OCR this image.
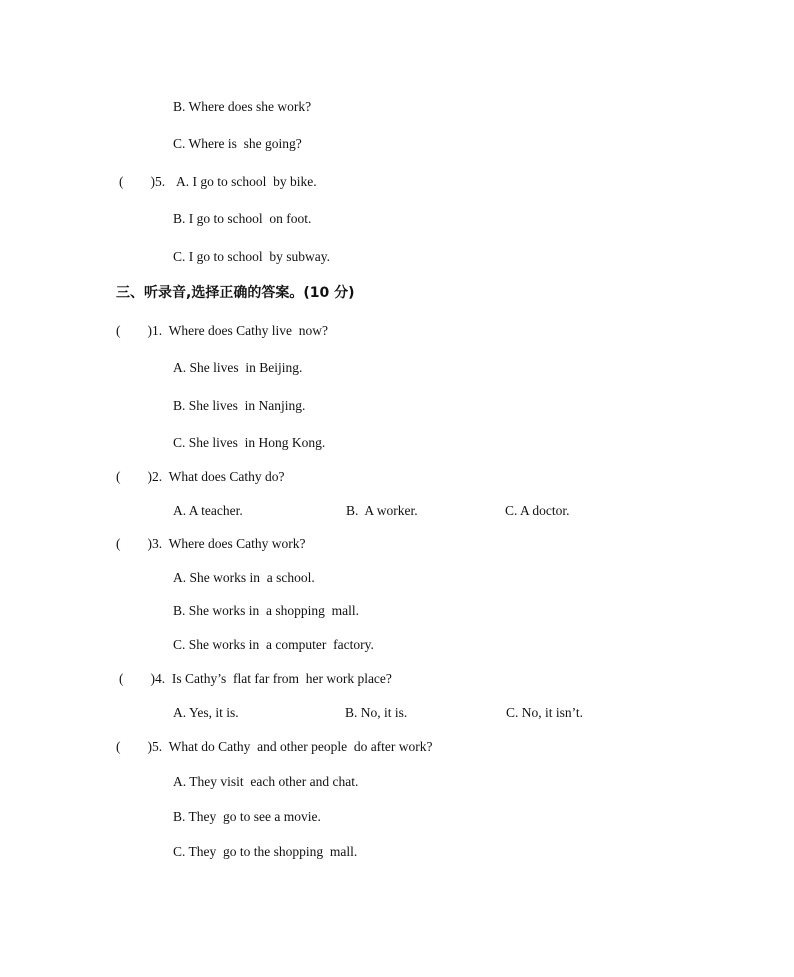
B. Where does she work?
C. Where is  she going?
(        )5. A. I go to school  by bike.
B. I go to school  on foot.
C. I go to school  by subway.
三、听录音,选择正确的答案。(10 分)
(        )1.  Where does Cathy live  now?
A. She lives  in Beijing.
B. She lives  in Nanjing.
C. She lives  in Hong Kong.
(        )2.  What does Cathy do?
A. A teacher.	B.  A worker.	C. A doctor.
(        )3.  Where does Cathy work?
A. She works in  a school.
B. She works in  a shopping  mall.
C. She works in  a computer  factory.
(        )4.  Is Cathy’s  flat far from  her work place?
A. Yes, it is.	B. No, it is.	C. No, it isn’t.
(        )5.  What do Cathy  and other people  do after work?
A. They visit  each other and chat.
B. They  go to see a movie.
C. They  go to the shopping  mall.
